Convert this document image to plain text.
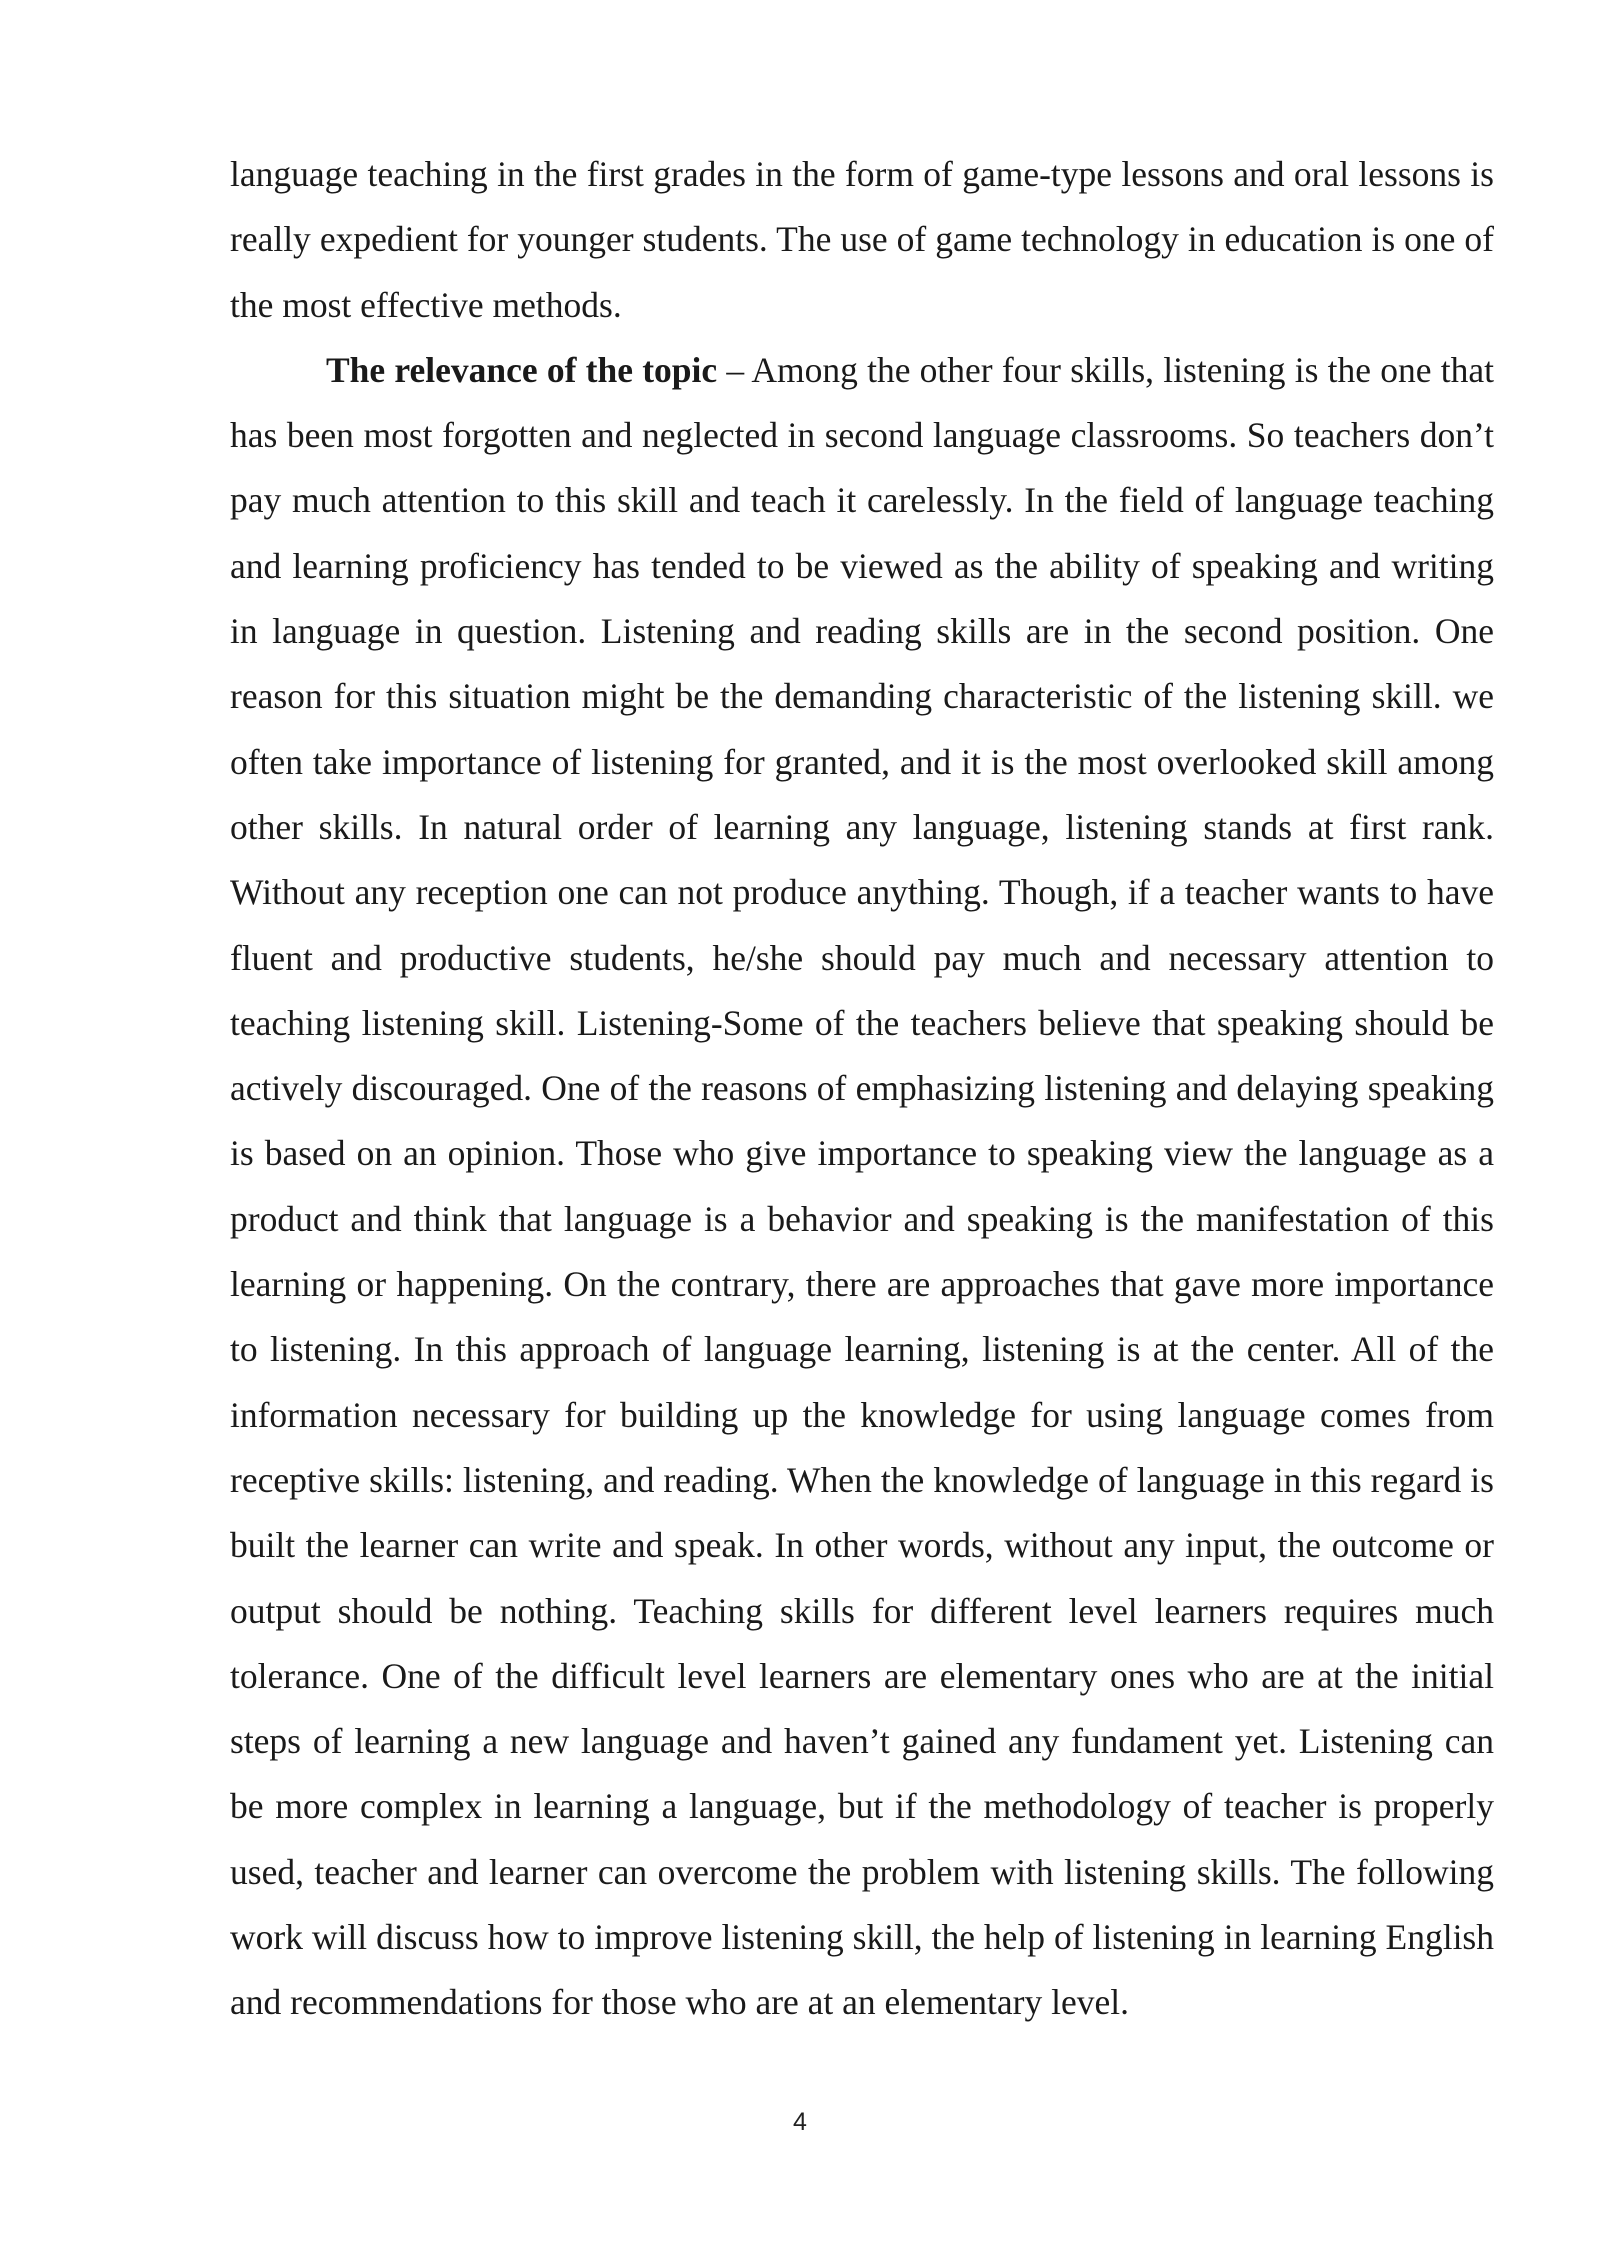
language teaching in the first grades in the form of game-type lessons and oral lessons is really expedient for younger students. The use of game technology in education is one of the most effective methods.

The relevance of the topic – Among the other four skills, listening is the one that has been most forgotten and neglected in second language classrooms. So teachers don’t pay much attention to this skill and teach it carelessly. In the field of language teaching and learning proficiency has tended to be viewed as the ability of speaking and writing in language in question. Listening and reading skills are in the second position. One reason for this situation might be the demanding characteristic of the listening skill. we often take importance of listening for granted, and it is the most overlooked skill among other skills. In natural order of learning any language, listening stands at first rank. Without any reception one can not produce anything. Though, if a teacher wants to have fluent and productive students, he/she should pay much and necessary attention to teaching listening skill. Listening-Some of the teachers believe that speaking should be actively discouraged. One of the reasons of emphasizing listening and delaying speaking is based on an opinion. Those who give importance to speaking view the language as a product and think that language is a behavior and speaking is the manifestation of this learning or happening. On the contrary, there are approaches that gave more importance to listening. In this approach of language learning, listening is at the center. All of the information necessary for building up the knowledge for using language comes from receptive skills: listening, and reading. When the knowledge of language in this regard is built the learner can write and speak. In other words, without any input, the outcome or output should be nothing. Teaching skills for different level learners requires much tolerance. One of the difficult level learners are elementary ones who are at the initial steps of learning a new language and haven’t gained any fundament yet. Listening can be more complex in learning a language, but if the methodology of teacher is properly used, teacher and learner can overcome the problem with listening skills. The following work will discuss how to improve listening skill, the help of listening in learning English and recommendations for those who are at an elementary level.

4
